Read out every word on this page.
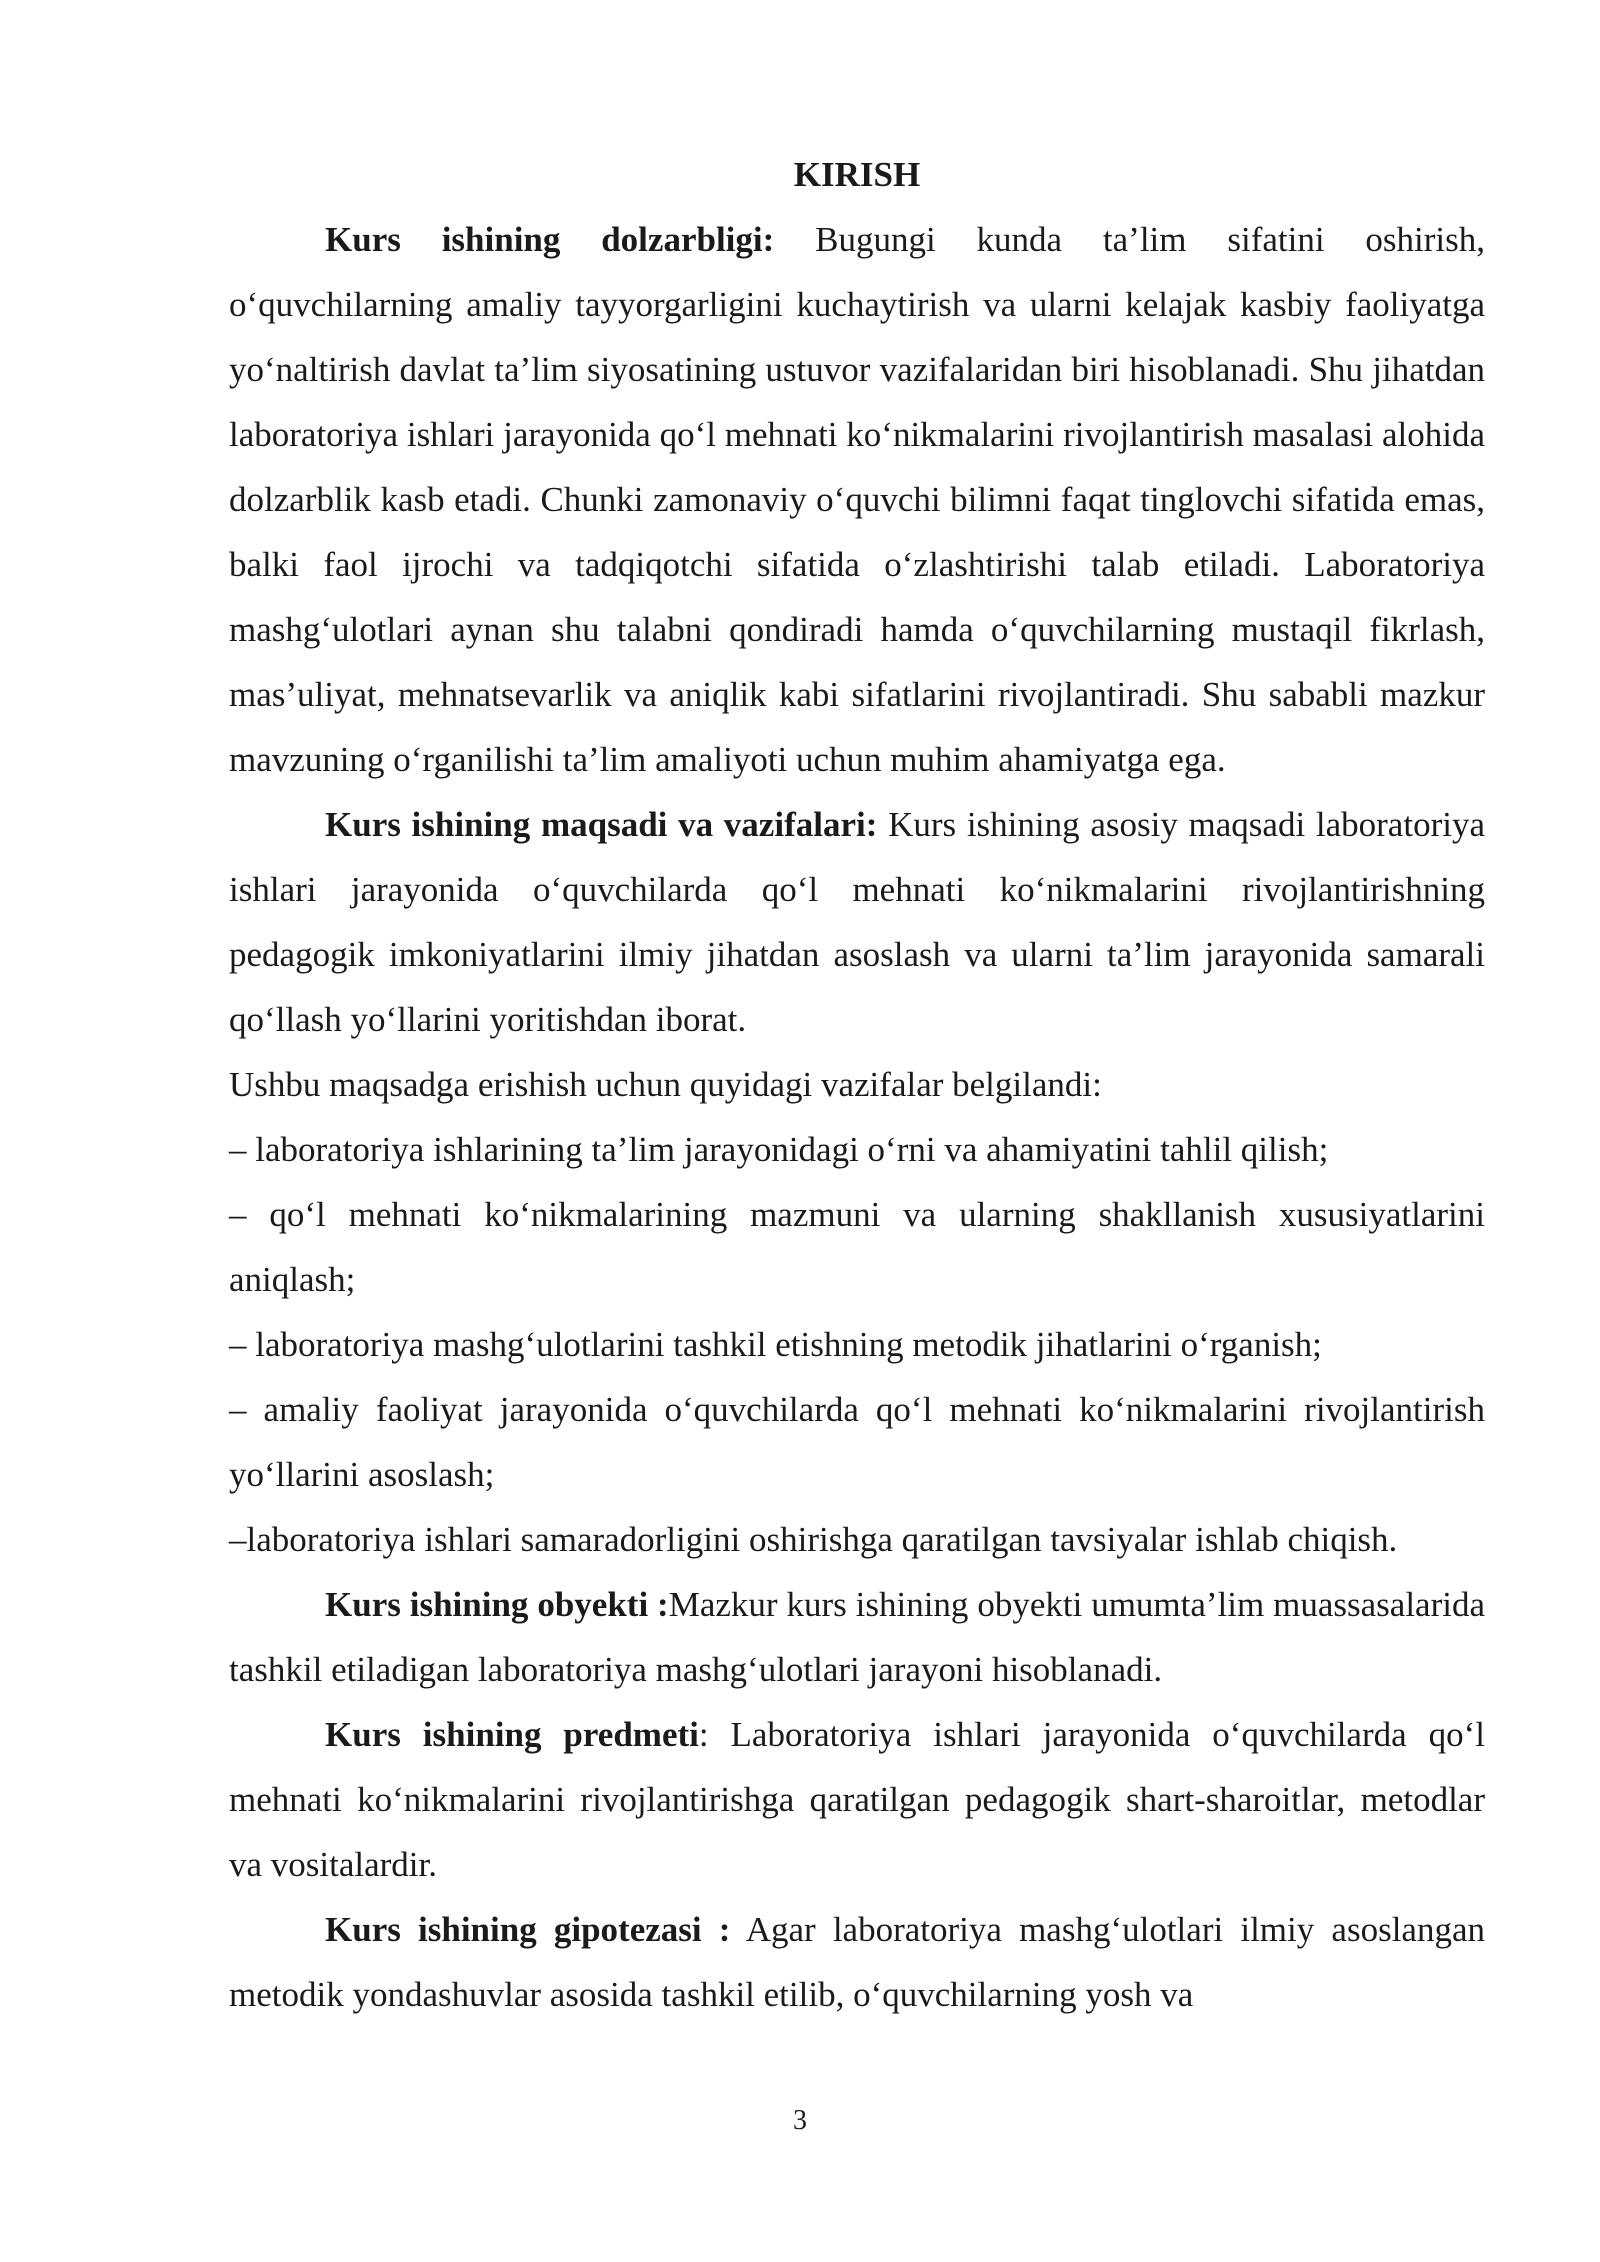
KIRISH

Kurs ishining dolzarbligi: Bugungi kunda ta’lim sifatini oshirish, o‘quvchilarning amaliy tayyorgarligini kuchaytirish va ularni kelajak kasbiy faoliyatga yo‘naltirish davlat ta’lim siyosatining ustuvor vazifalaridan biri hisoblanadi. Shu jihatdan laboratoriya ishlari jarayonida qo‘l mehnati ko‘nikmalarini rivojlantirish masalasi alohida dolzarblik kasb etadi. Chunki zamonaviy o‘quvchi bilimni faqat tinglovchi sifatida emas, balki faol ijrochi va tadqiqotchi sifatida o‘zlashtirishi talab etiladi. Laboratoriya mashg‘ulotlari aynan shu talabni qondiradi hamda o‘quvchilarning mustaqil fikrlash, mas’uliyat, mehnatsevarlik va aniqlik kabi sifatlarini rivojlantiradi. Shu sababli mazkur mavzuning o‘rganilishi ta’lim amaliyoti uchun muhim ahamiyatga ega.

Kurs ishining maqsadi va vazifalari: Kurs ishining asosiy maqsadi laboratoriya ishlari jarayonida o‘quvchilarda qo‘l mehnati ko‘nikmalarini rivojlantirishning pedagogik imkoniyatlarini ilmiy jihatdan asoslash va ularni ta’lim jarayonida samarali qo‘llash yo‘llarini yoritishdan iborat.

Ushbu maqsadga erishish uchun quyidagi vazifalar belgilandi:

– laboratoriya ishlarining ta’lim jarayonidagi o‘rni va ahamiyatini tahlil qilish;

– qo‘l mehnati ko‘nikmalarining mazmuni va ularning shakllanish xususiyatlarini aniqlash;

– laboratoriya mashg‘ulotlarini tashkil etishning metodik jihatlarini o‘rganish;

– amaliy faoliyat jarayonida o‘quvchilarda qo‘l mehnati ko‘nikmalarini rivojlantirish yo‘llarini asoslash;

–laboratoriya ishlari samaradorligini oshirishga qaratilgan tavsiyalar ishlab chiqish.

Kurs ishining obyekti :Mazkur kurs ishining obyekti umumta’lim muassasalarida tashkil etiladigan laboratoriya mashg‘ulotlari jarayoni hisoblanadi.

Kurs ishining predmeti: Laboratoriya ishlari jarayonida o‘quvchilarda qo‘l mehnati ko‘nikmalarini rivojlantirishga qaratilgan pedagogik shart-sharoitlar, metodlar va vositalardir.

Kurs ishining gipotezasi : Agar laboratoriya mashg‘ulotlari ilmiy asoslangan metodik yondashuvlar asosida tashkil etilib, o‘quvchilarning yosh va

3
